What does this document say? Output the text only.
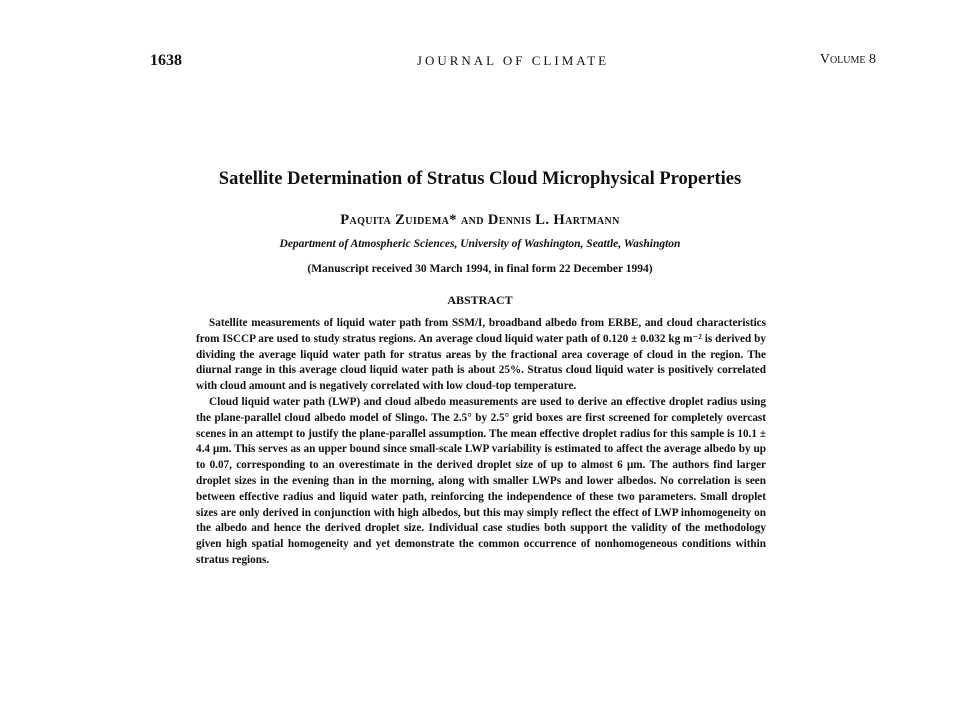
1638	JOURNAL OF CLIMATE	Volume 8
Satellite Determination of Stratus Cloud Microphysical Properties
Paquita Zuidema* and Dennis L. Hartmann
Department of Atmospheric Sciences, University of Washington, Seattle, Washington
(Manuscript received 30 March 1994, in final form 22 December 1994)
ABSTRACT

Satellite measurements of liquid water path from SSM/I, broadband albedo from ERBE, and cloud characteristics from ISCCP are used to study stratus regions. An average cloud liquid water path of 0.120 ± 0.032 kg m⁻² is derived by dividing the average liquid water path for stratus areas by the fractional area coverage of cloud in the region. The diurnal range in this average cloud liquid water path is about 25%. Stratus cloud liquid water is positively correlated with cloud amount and is negatively correlated with low cloud-top temperature.

Cloud liquid water path (LWP) and cloud albedo measurements are used to derive an effective droplet radius using the plane-parallel cloud albedo model of Slingo. The 2.5° by 2.5° grid boxes are first screened for completely overcast scenes in an attempt to justify the plane-parallel assumption. The mean effective droplet radius for this sample is 10.1 ± 4.4 μm. This serves as an upper bound since small-scale LWP variability is estimated to affect the average albedo by up to 0.07, corresponding to an overestimate in the derived droplet size of up to almost 6 μm. The authors find larger droplet sizes in the evening than in the morning, along with smaller LWPs and lower albedos. No correlation is seen between effective radius and liquid water path, reinforcing the independence of these two parameters. Small droplet sizes are only derived in conjunction with high albedos, but this may simply reflect the effect of LWP inhomogeneity on the albedo and hence the derived droplet size. Individual case studies both support the validity of the methodology given high spatial homogeneity and yet demonstrate the common occurrence of nonhomogeneous conditions within stratus regions.
